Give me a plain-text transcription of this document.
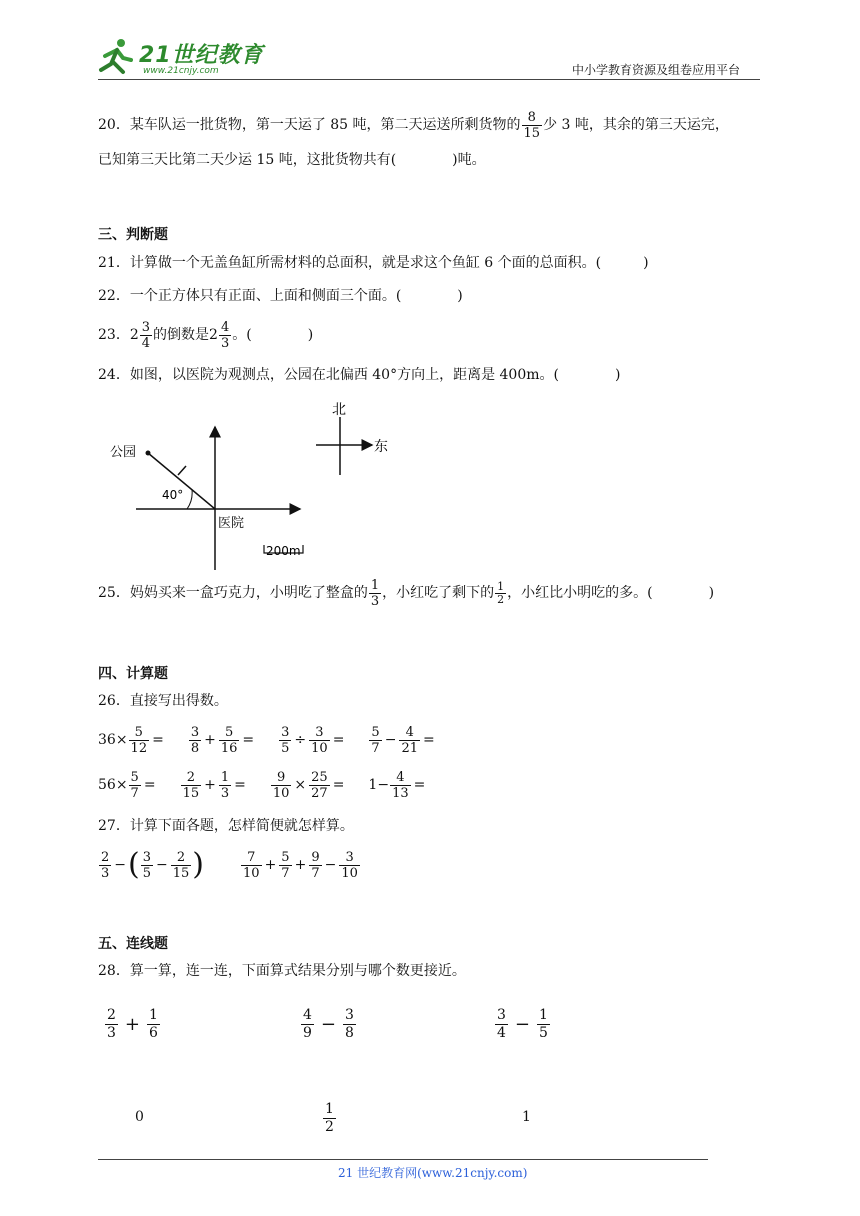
21世纪教育
www.21cnjy.com	中小学教育资源及组卷应用平台
20．某车队运一批货物，第一天运了 85 吨，第二天运送所剩货物的 $\frac{8}{15}$ 少 3 吨，其余的第三天运完，
已知第三天比第二天少运 15 吨，这批货物共有(　　　　)吨。
三、判断题
21．计算做一个无盖鱼缸所需材料的总面积，就是求这个鱼缸 6 个面的总面积。(　　　)
22．一个正方体只有正面、上面和侧面三个面。(　　　　)
23． $2 \frac{3}{4}$ 的倒数是 $2 \frac{4}{3}$ 。(　　　　)
24．如图，以医院为观测点，公园在北偏西 40°方向上，距离是 400m。(　　　　)
公园
医院
40°
200m
北
东
25．妈妈买来一盒巧克力，小明吃了整盒的 $\frac{1}{3}$ ，小红吃了剩下的 $\frac{1}{2}$ ，小红比小明吃的多。(　　　　)
四、计算题
26．直接写出得数。
$36\times \frac{5}{12} = \frac{3}{8} + \frac{5}{16} = \frac{3}{5} \div \frac{3}{10} = \frac{5}{7} - \frac{4}{21}$ =
$56\times \frac{5}{7} = \frac{2}{15} + \frac{1}{3} = \frac{9}{10} \times \frac{25}{27} = 1- \frac{4}{13}$ =
27．计算下面各题，怎样简便就怎样算。
$\frac{2}{3}$ − ( $\frac{3}{5} - \frac{2}{15}$ )	$\frac{7}{10} + \frac{5}{7} + \frac{9}{7} - \frac{3}{10}$
五、连线题
28．算一算，连一连，下面算式结果分别与哪个数更接近。
$\frac{2}{3} + \frac{1}{6}$	$\frac{4}{9} - \frac{3}{8}$	$\frac{3}{4} - \frac{1}{5}$
0	$\frac{1}{2}$	1
21 世纪教育网(www.21cnjy.com)
